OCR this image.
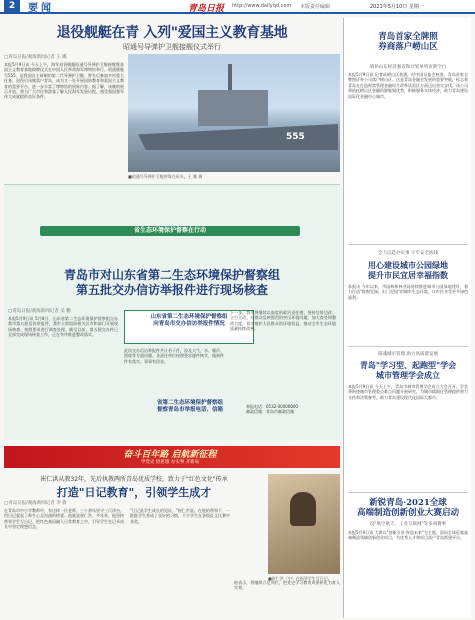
2	要闻	青岛日报 http://www.dailyqd.com 本版责任编辑	2021年5月10日 星期一
退役舰艇在青 入列"爱国主义教育基地
昭通号导弹护卫舰接舰仪式举行
□青岛日报/观海新闻记者 王 娜
本报5月9日讯 今天上午，海军退役舰艇昭通号导弹护卫舰接舰暨爱国主义教育基地揭牌仪式在中国人民革命海军博物馆举行。昭通舰舷号555，是我国自主研制的第二代导弹护卫舰，曾先后参加多项重大任务。退役后该舰落户青岛，成为又一处开展国防教育和爱国主义教育的重要平台，进一步丰富了博物馆的展陈内容。据了解，该舰的展示开放，将为广大市民和游客了解人民海军发展历程、感受强国强军伟大成就提供良好条件。
555
■昭通号导弹护卫舰停靠在码头。王 娜 摄
省生态环境保护督察在行动
青岛市对山东省第二生态环境保护督察组
第五批交办信访举报件进行现场核查
□青岛日报/观海新闻记者 吴 鹏
本报5月9日讯 5月8日，山东省第二生态环境保护督察组交办我市第五批信访举报件，我市立即组织相关区市和部门开展现场核查，按照要求进行调查处理。截至目前，第五批交办件已全部完成现场核查工作，正在有序推进整改落实。
山东省第二生态环境保护督察组
向青岛市交办信访举报件情况
此次交办信访举报件共计若干件，涉及大气、水、噪声、固废等方面问题。各责任单位按照要求逐件核实，做到件件有落实、事事有回音。
下一步，我市将继续以高度的政治责任感，坚持边督边改、立行立改，对群众反映强烈的突出环境问题，加大查处和整改力度，切实维护人民群众的环境权益，推动全市生态环境质量持续改善。
省第二生态环境保护督察组
督察青岛市举报电话、信箱
举报电话：0532-00000000
邮政信箱：青岛市邮政信箱
奋斗百年路 启航新征程
学党史 悟思想 办实事 开新局
崔仁洪从教32年，先后执教两所青岛优质学校，致力于"红色文化"传承
打造"日记教育"，引领学生成才
□青岛日报/观海新闻记者 李 倩
在青岛市中小学教师中，有这样一位老师，三十余年坚守三尺讲台，用日记架起了师生心灵沟通的桥梁。他就是崔仁洪。多年来，他坚持带领学生写日记，把红色基因融入日常教育之中，引导学生在记录成长中坚定理想信念。
"日记是学生成长的见证。"崔仁洪说。在他的带领下，一批批学生养成了良好的习惯，不少学生在各级征文比赛中获奖。
■崔仁洪（中）在指导学生写日记。
他表示，将继续立足岗位，把党史学习教育成果转化为育人实效。
青岛首家全牌照
券商落户崂山区
填补山东经济强省和计划单列市新空白
本报5月9日讯 记者从崂山区获悉，经中国证监会核准，青岛首家全牌照证券公司落户崂山区。这是青岛金融业发展的重要突破，标志着青岛在打造财富管理金融综合改革试验区方面迈出坚实步伐。该公司将依托崂山区金融资源集聚优势，积极服务实体经济，助力青岛建设国际化金融中心城市。
全力以赴办实事 守牢安全底线
用心建设城市公园绿地
提升市民宜居幸福指数
本报讯 今年以来，市园林和林业局持续推进城市公园绿地建设，着力打造"推窗见绿、出门见园"的城市生态环境，让市民享受更多绿色福利。
铸魂城市管理 助力高质量发展
青岛"学习型、起跑型"学会
城市管理学会成立
本报5月9日讯 今天上午，青岛市城市管理学会成立大会召开。学会将围绕城市管理重点难点问题开展研究，为城市精细化管理提供智力支持和决策参考，助力青岛建设现代化国际大都市。
新锐青岛·2021全球
高端制造创新创业大赛启动
设"航空航天、工业互联网"等多项赛事
本报5月9日讯 大赛以"创新引领·智造未来"为主题，面向全球征集高端制造领域创新创业项目，为优秀人才和项目落户青岛搭建平台。
